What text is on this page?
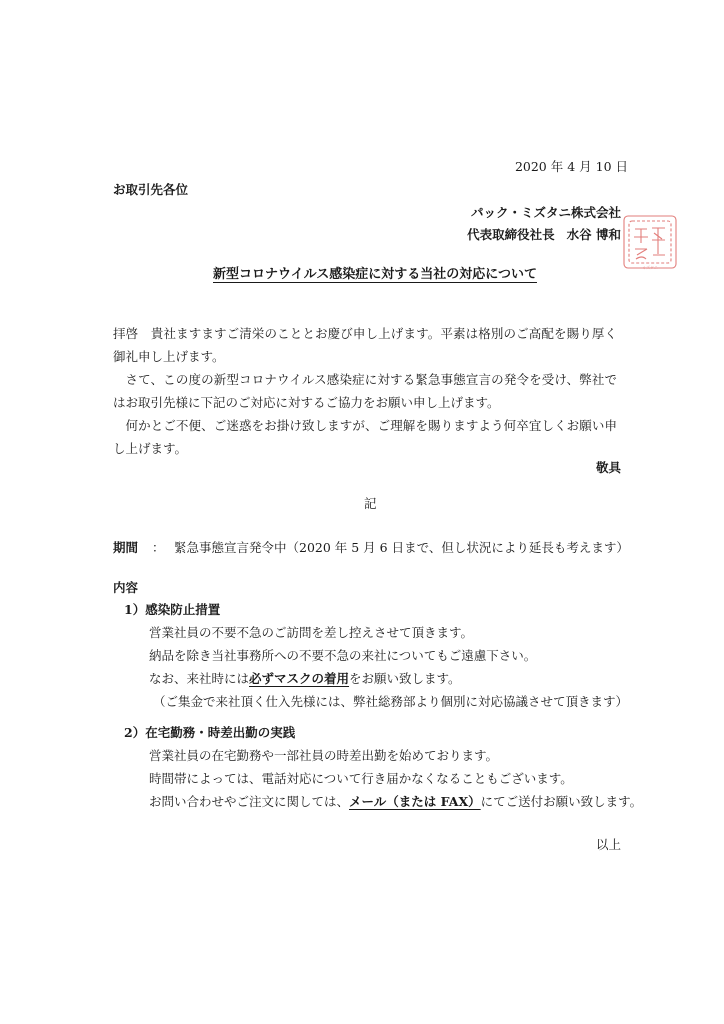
2020 年 4 月 10 日
お取引先各位
パック・ミズタニ株式会社
代表取締役社長 水谷 博和
ミズタニ
新型コロナウイルス感染症に対する当社の対応について
拝啓　貴社ますますご清栄のこととお慶び申し上げます。平素は格別のご高配を賜り厚く御礼申し上げます。
さて、この度の新型コロナウイルス感染症に対する緊急事態宣言の発令を受け、弊社ではお取引先様に下記のご対応に対するご協力をお願い申し上げます。
何かとご不便、ご迷惑をお掛け致しますが、ご理解を賜りますよう何卒宜しくお願い申し上げます。
敬具
記
期間 ： 緊急事態宣言発令中（2020 年 5 月 6 日まで、但し状況により延長も考えます）
内容
1）感染防止措置
営業社員の不要不急のご訪問を差し控えさせて頂きます。
納品を除き当社事務所への不要不急の来社についてもご遠慮下さい。
なお、来社時には必ずマスクの着用をお願い致します。
（ご集金で来社頂く仕入先様には、弊社総務部より個別に対応協議させて頂きます）
2）在宅勤務・時差出勤の実践
営業社員の在宅勤務や一部社員の時差出勤を始めております。
時間帯によっては、電話対応について行き届かなくなることもございます。
お問い合わせやご注文に関しては、メール（または FAX）にてご送付お願い致します。
以上
